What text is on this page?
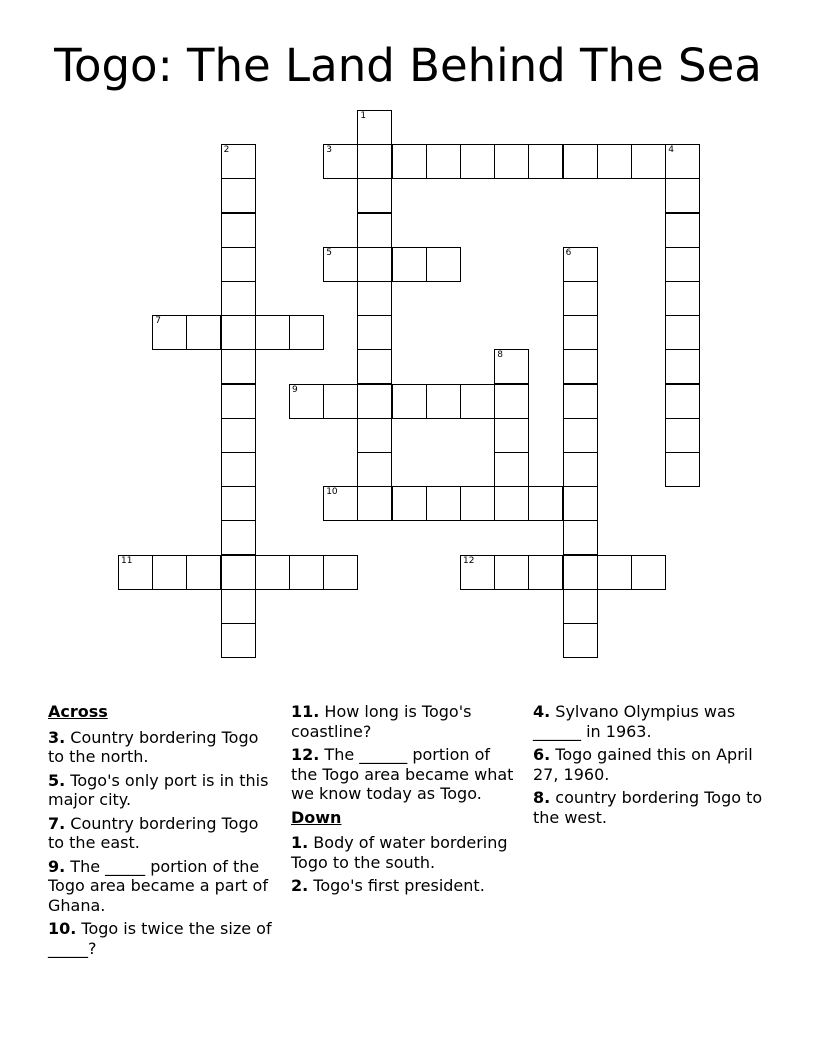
Togo: The Land Behind The Sea
1
2	3	4
5	6
7
8
9
10
11	12
Across
3. Country bordering Togo to the north.
5. Togo's only port is in this major city.
7. Country bordering Togo to the east.
9. The _____ portion of the Togo area became a part of Ghana.
10. Togo is twice the size of _____?
11. How long is Togo's coastline?
12. The ______ portion of the Togo area became what we know today as Togo.
Down
1. Body of water bordering Togo to the south.
2. Togo's first president.
4. Sylvano Olympius was ______ in 1963.
6. Togo gained this on April 27, 1960.
8. country bordering Togo to the west.
